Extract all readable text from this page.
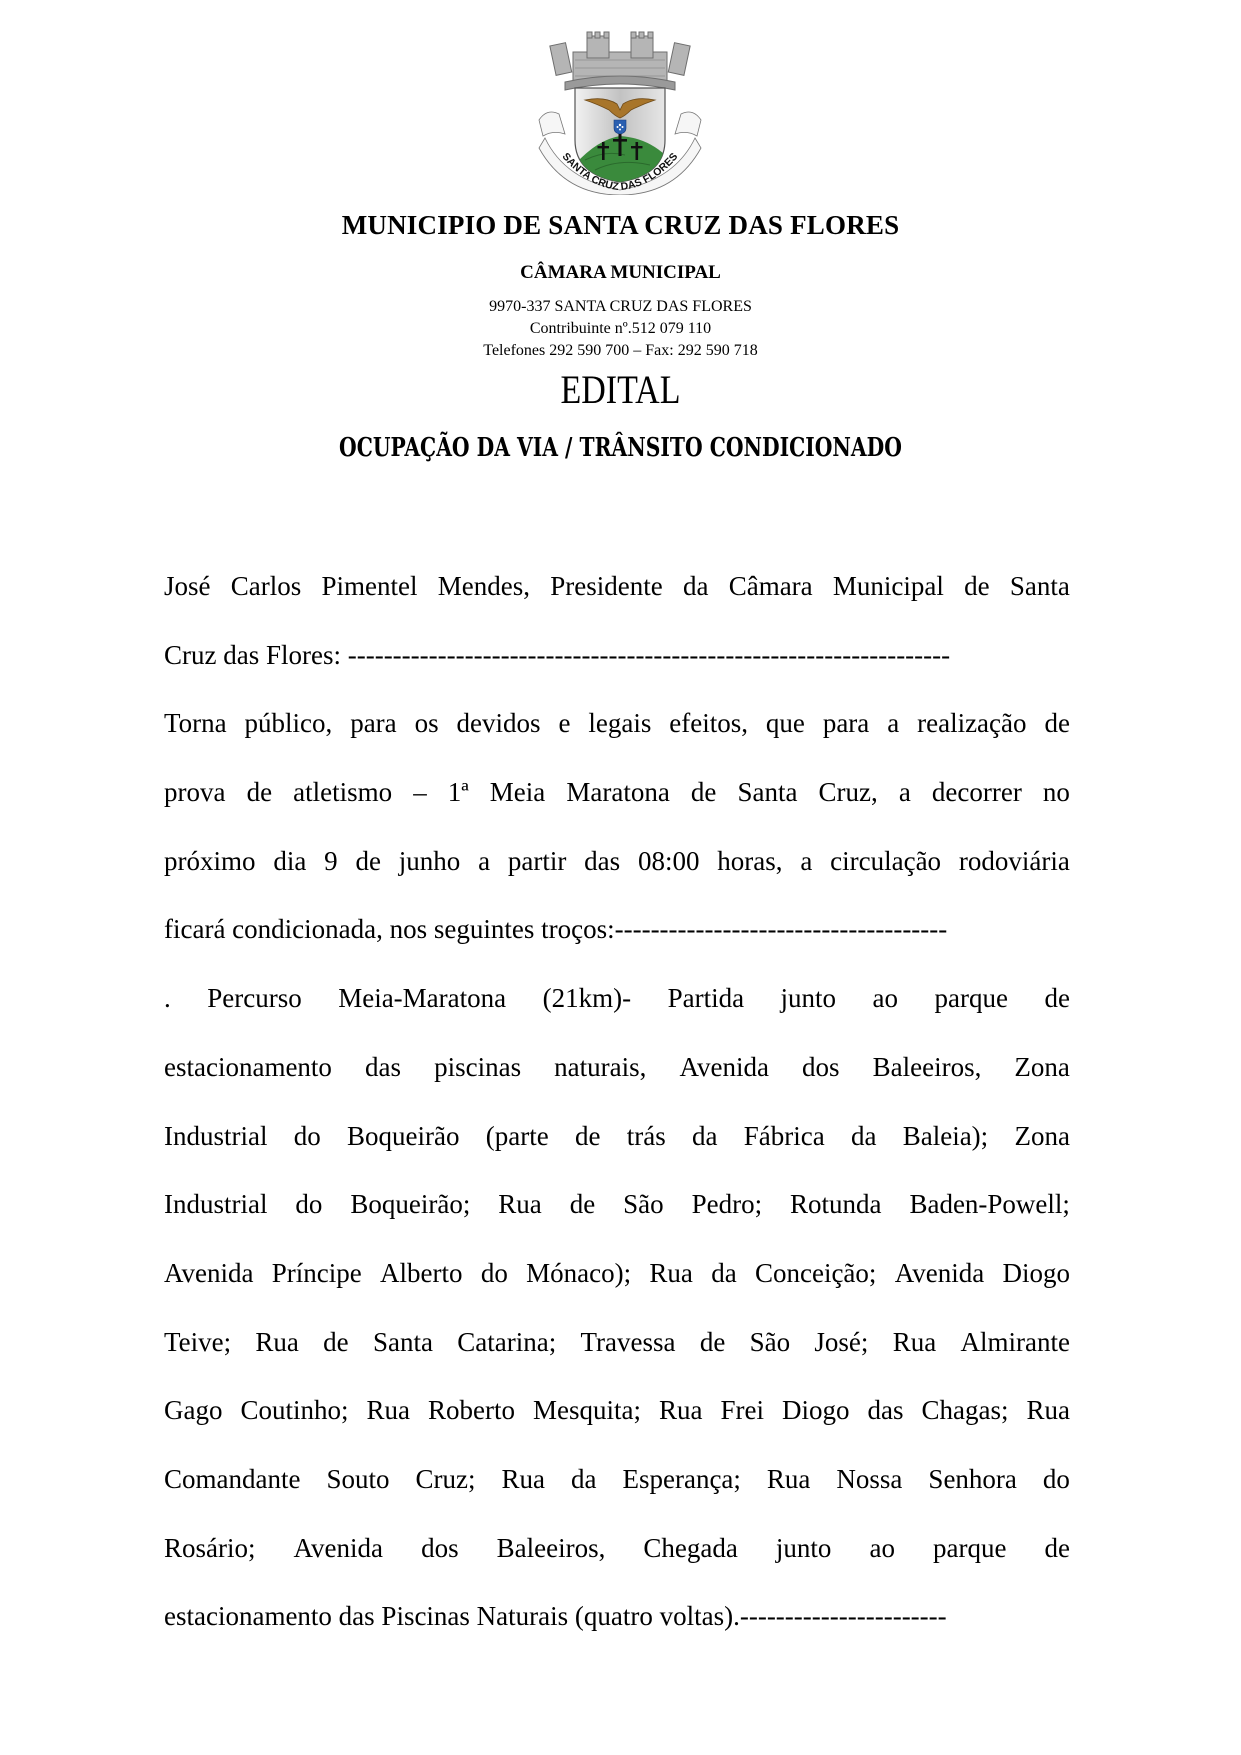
SANTA CRUZ DAS FLORES
MUNICIPIO DE SANTA CRUZ DAS FLORES
CÂMARA MUNICIPAL
9970-337 SANTA CRUZ DAS FLORES
Contribuinte nº.512 079 110
Telefones 292 590 700 – Fax: 292 590 718
EDITAL
OCUPAÇÃO DA VIA / TRÂNSITO CONDICIONADO
José Carlos Pimentel Mendes, Presidente da Câmara Municipal de Santa
Cruz das Flores: -------------------------------------------------------------------
Torna público, para os devidos e legais efeitos, que para a realização de
prova de atletismo – 1ª Meia Maratona de Santa Cruz, a decorrer no
próximo dia 9 de junho a partir das 08:00 horas, a circulação rodoviária
ficará condicionada, nos seguintes troços:-------------------------------------
. Percurso Meia-Maratona (21km)- Partida junto ao parque de
estacionamento das piscinas naturais, Avenida dos Baleeiros, Zona
Industrial do Boqueirão (parte de trás da Fábrica da Baleia); Zona
Industrial do Boqueirão; Rua de São Pedro; Rotunda Baden-Powell;
Avenida Príncipe Alberto do Mónaco); Rua da Conceição; Avenida Diogo
Teive; Rua de Santa Catarina; Travessa de São José; Rua Almirante
Gago Coutinho; Rua Roberto Mesquita; Rua Frei Diogo das Chagas; Rua
Comandante Souto Cruz; Rua da Esperança; Rua Nossa Senhora do
Rosário; Avenida dos Baleeiros, Chegada junto ao parque de
estacionamento das Piscinas Naturais (quatro voltas).-----------------------
